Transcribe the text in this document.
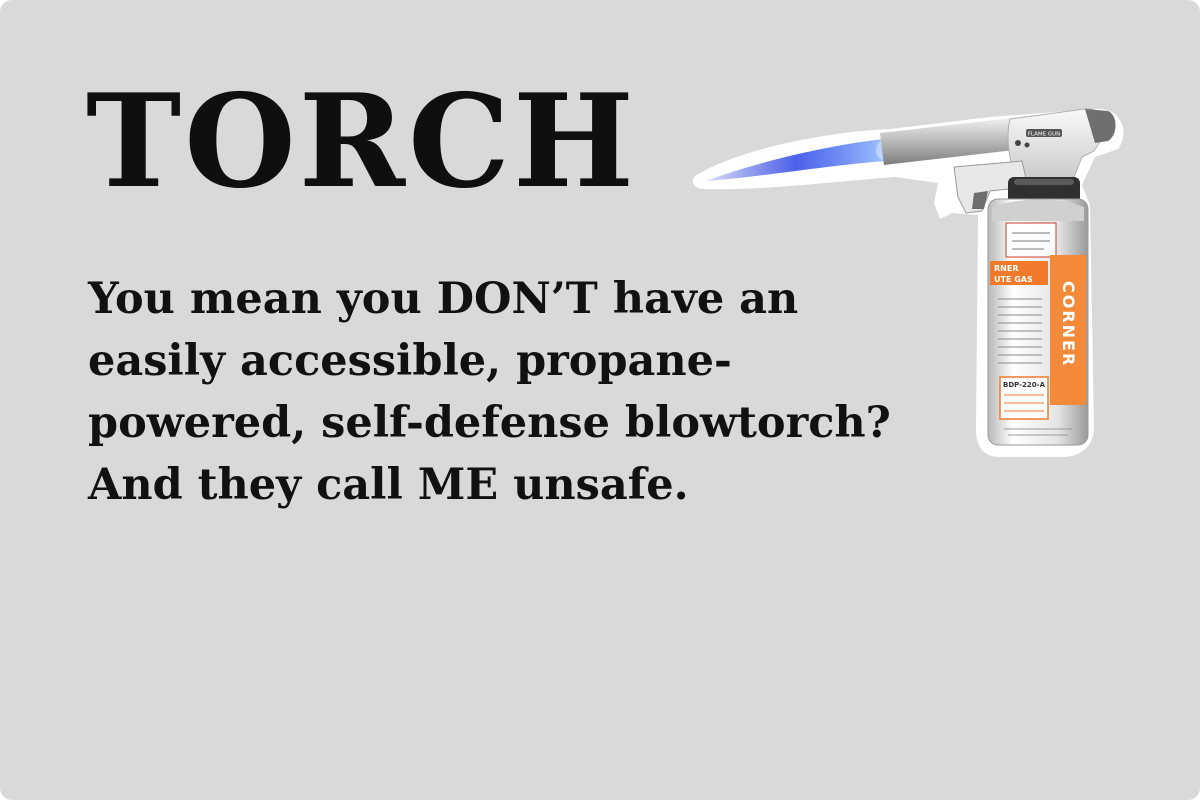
TORCH

You mean you DON’T have an
easily accessible, propane-
powered, self-defense blowtorch?
And they call ME unsafe.

FLAME GUN
RNER
UTE GAS
CORNER
BDP-220-A
